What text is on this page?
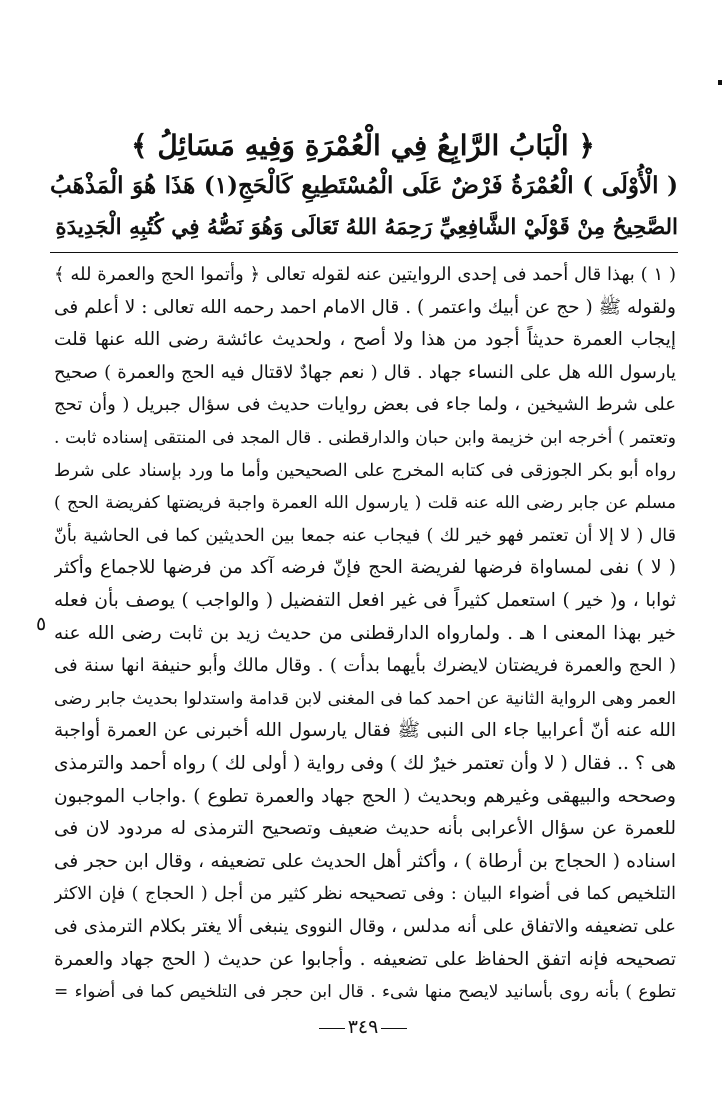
﴿ الْبَابُ الرَّابِعُ فِي الْعُمْرَةِ وَفِيهِ مَسَائِلُ ﴾
( الْأُوْلَى ) الْعُمْرَةُ فَرْضٌ عَلَى الْمُسْتَطِيعِ كَالْحَجِ(١) هَذَا هُوَ الْمَذْهَبُ
الصَّحِيحُ مِنْ قَوْلَيْ الشَّافِعِيِّ رَحِمَهُ اللهُ تَعَالَى وَهُوَ نَصُّهُ فِي كُتُبِهِ الْجَدِيدَةِ
( ١ ) بهذا قال أحمد فى إحدى الروايتين عنه لقوله تعالى ﴿ وأتموا الحج والعمرة لله ﴾
ولقوله ﷺ ( حج عن أبيك واعتمر ) . قال الامام احمد رحمه الله تعالى : لا أعلم فى
إيجاب العمرة حديثاً أجود من هذا ولا أصح ، ولحديث عائشة رضى الله عنها قلت
يارسول الله هل على النساء جهاد . قال ( نعم جهادٌ لاقتال فيه الحج والعمرة ) صحيح
على شرط الشيخين ، ولما جاء فى بعض روايات حديث فى سؤال جبريل ( وأن تحج
وتعتمر ) أخرجه ابن خزيمة وابن حبان والدارقطنى . قال المجد فى المنتقى إسناده ثابت .
رواه أبو بكر الجوزقى فى كتابه المخرج على الصحيحين وأما ما ورد بإسناد على شرط
مسلم عن جابر رضى الله عنه قلت ( يارسول الله العمرة واجبة فريضتها كفريضة الحج )
قال ( لا إلا أن تعتمر فهو خير لك ) فيجاب عنه جمعا بين الحديثين كما فى الحاشية بأنّ
( لا ) نفى لمساواة فرضها لفريضة الحج فإنّ فرضه آكد من فرضها للاجماع وأكثر
ثوابا ، و( خير ) استعمل كثيراً فى غير افعل التفضيل ( والواجب ) يوصف بأن فعله
خير بهذا المعنى ا هـ . ولمارواه الدارقطنى من حديث زيد بن ثابت رضى الله عنه
( الحج والعمرة فريضتان لايضرك بأيهما بدأت ) . وقال مالك وأبو حنيفة انها سنة فى
العمر وهى الرواية الثانية عن احمد كما فى المغنى لابن قدامة واستدلوا بحديث جابر رضى
الله عنه أنّ أعرابيا جاء الى النبى ﷺ فقال يارسول الله أخبرنى عن العمرة أواجبة
هى ؟ .. فقال ( لا وأن تعتمر خيرٌ لك ) وفى رواية ( أولى لك ) رواه أحمد والترمذى
وصححه والبيهقى وغيرهم وبحديث ( الحج جهاد والعمرة تطوع ) .واجاب الموجبون
للعمرة عن سؤال الأعرابى بأنه حديث ضعيف وتصحيح الترمذى له مردود لان فى
اسناده ( الحجاج بن أرطاة ) ، وأكثر أهل الحديث على تضعيفه ، وقال ابن حجر فى
التلخيص كما فى أضواء البيان : وفى تصحيحه نظر كثير من أجل ( الحجاج ) فإن الاكثر
على تضعيفه والاتفاق على أنه مدلس ، وقال النووى ينبغى ألا يغتر بكلام الترمذى فى
تصحيحه فإنه اتفق الحفاظ على تضعيفه . وأجابوا عن حديث ( الحج جهاد والعمرة
تطوع ) بأنه روى بأسانيد لايصح منها شىء . قال ابن حجر فى التلخيص كما فى أضواء =
٥
٣٤٩
